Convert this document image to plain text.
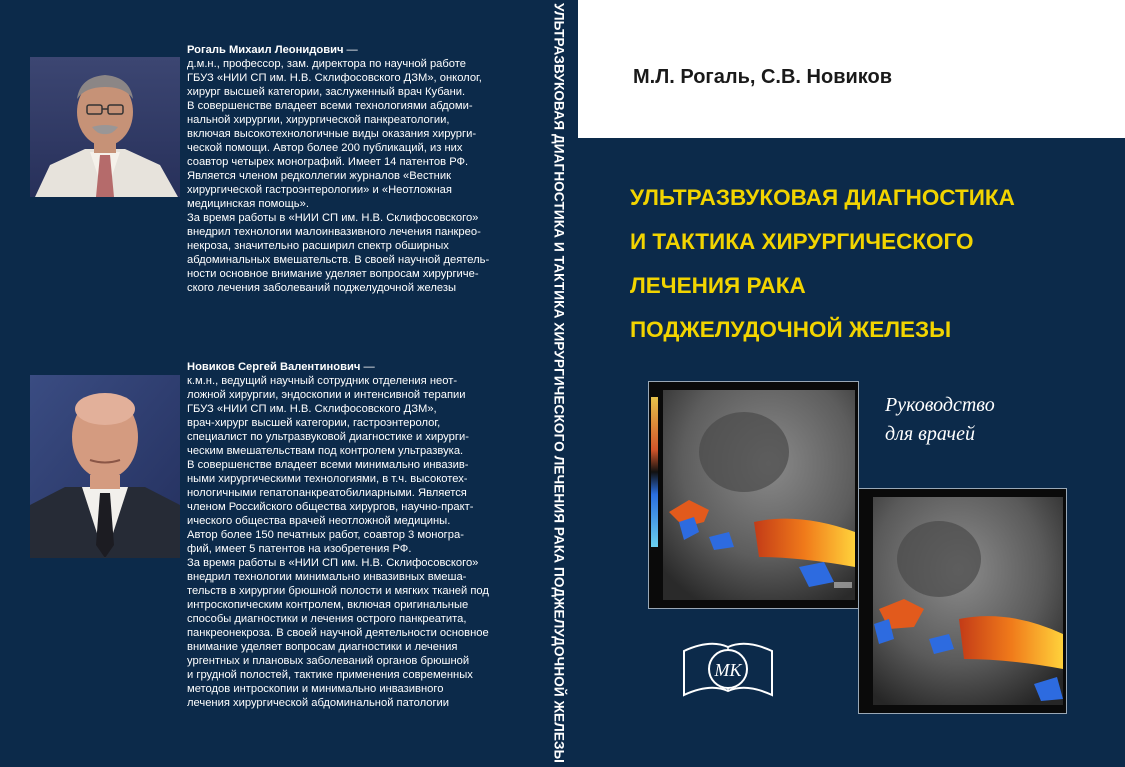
Рогаль Михаил Леонидович —

д.м.н., профессор, зам. директора по научной работе

ГБУЗ «НИИ СП им. Н.В. Склифосовского ДЗМ», онколог,

хирург высшей категории, заслуженный врач Кубани.

В совершенстве владеет всеми технологиями абдоми-

нальной хирургии, хирургической панкреатологии,

включая высокотехнологичные виды оказания хирурги-

ческой помощи. Автор более 200 публикаций, из них

соавтор четырех монографий. Имеет 14 патентов РФ.

Является членом редколлегии журналов «Вестник

хирургической гастроэнтерологии» и «Неотложная

медицинская помощь».

За время работы в «НИИ СП им. Н.В. Склифосовского»

внедрил технологии малоинвазивного лечения панкрео-

некроза, значительно расширил спектр обширных

абдоминальных вмешательств. В своей научной деятель-

ности основное внимание уделяет вопросам хирургиче-

ского лечения заболеваний поджелудочной железы

Новиков Сергей Валентинович —

к.м.н., ведущий научный сотрудник отделения неот-

ложной хирургии, эндоскопии и интенсивной терапии

ГБУЗ «НИИ СП им. Н.В. Склифосовского ДЗМ»,

врач-хирург высшей категории, гастроэнтеролог,

специалист по ультразвуковой диагностике и хирурги-

ческим вмешательствам под контролем ультразвука.

В совершенстве владеет всеми минимально инвазив-

ными хирургическими технологиями, в т.ч. высокотех-

нологичными гепатопанкреатобилиарными. Является

членом Российского общества хирургов, научно-практ-

ического общества врачей неотложной медицины.

Автор более 150 печатных работ, соавтор 3 моногра-

фий, имеет 5 патентов на изобретения РФ.

За время работы в «НИИ СП им. Н.В. Склифосовского»

внедрил технологии минимально инвазивных вмеша-

тельств в хирургии брюшной полости и мягких тканей под

интроскопическим контролем, включая оригинальные

способы диагностики и лечения острого панкреатита,

панкреонекроза. В своей научной деятельности основное

внимание уделяет вопросам диагностики и лечения

ургентных и плановых заболеваний органов брюшной

и грудной полостей, тактике применения современных

методов интроскопии и минимально инвазивного

лечения хирургической абдоминальной патологии	УЛЬТРАЗВУКОВАЯ ДИАГНОСТИКА И ТАКТИКА ХИРУРГИЧЕСКОГО ЛЕЧЕНИЯ РАКА ПОДЖЕЛУДОЧНОЙ ЖЕЛЕЗЫ	М.Л. Рогаль, С.В. Новиков
УЛЬТРАЗВУКОВАЯ ДИАГНОСТИКА
И ТАКТИКА ХИРУРГИЧЕСКОГО
ЛЕЧЕНИЯ РАКА
ПОДЖЕЛУДОЧНОЙ ЖЕЛЕЗЫ
Руководство
для врачей
МК
